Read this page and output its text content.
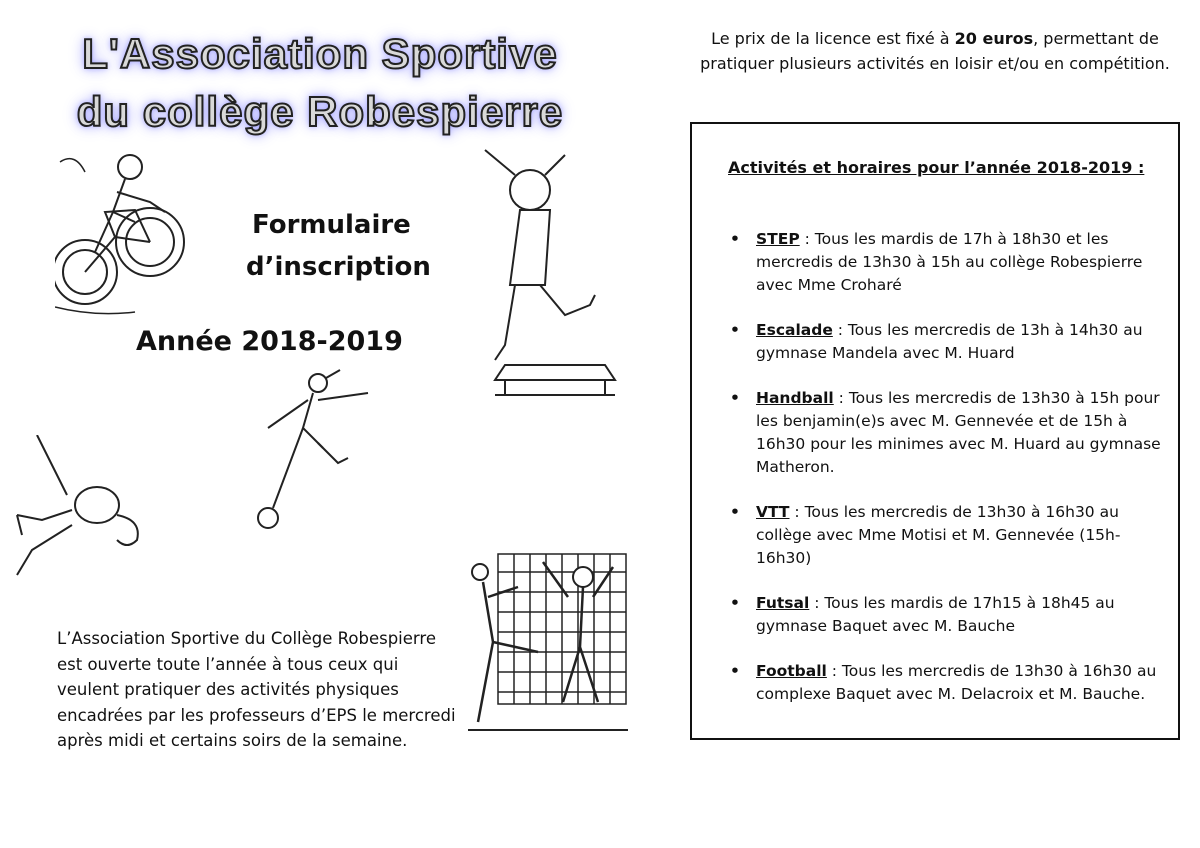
L'Association Sportive
du collège Robespierre
Formulaire
d’inscription
Année 2018-2019
L’Association Sportive du Collège Robespierre est ouverte toute l’année à tous ceux qui veulent pratiquer des activités physiques encadrées par les professeurs d’EPS le mercredi après midi et certains soirs de la semaine.
Le prix de la licence est fixé à 20 euros, permettant de pratiquer plusieurs activités en loisir et/ou en compétition.
Activités et horaires pour l’année 2018-2019 :
• STEP : Tous les mardis de 17h à 18h30 et les mercredis de 13h30 à 15h au collège Robespierre avec Mme Croharé
• Escalade : Tous les mercredis de 13h à 14h30 au gymnase Mandela avec M. Huard
• Handball : Tous les mercredis de 13h30 à 15h pour les benjamin(e)s avec M. Gennevée et de 15h à 16h30 pour les minimes avec M. Huard au gymnase Matheron.
• VTT : Tous les mercredis de 13h30 à 16h30 au collège avec Mme Motisi et M. Gennevée (15h-16h30)
• Futsal : Tous les mardis de 17h15 à 18h45 au gymnase Baquet avec M. Bauche
• Football : Tous les mercredis de 13h30 à 16h30 au complexe Baquet avec M. Delacroix et M. Bauche.
